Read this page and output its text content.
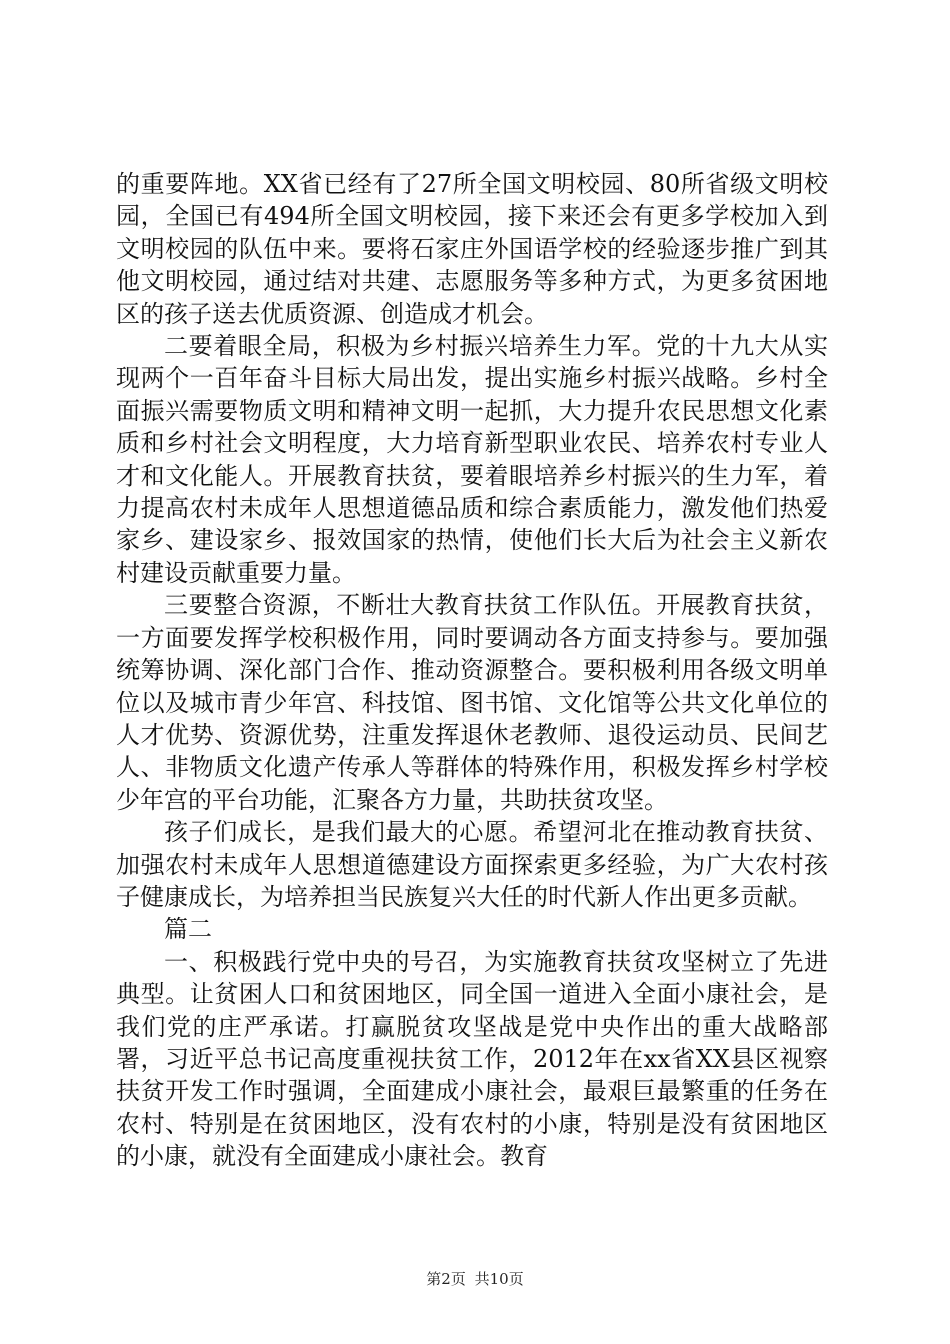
的重要阵地。XX省已经有了27所全国文明校园、80所省级文明校园，全国已有494所全国文明校园，接下来还会有更多学校加入到文明校园的队伍中来。要将石家庄外国语学校的经验逐步推广到其他文明校园，通过结对共建、志愿服务等多种方式，为更多贫困地区的孩子送去优质资源、创造成才机会。

二要着眼全局，积极为乡村振兴培养生力军。党的十九大从实现两个一百年奋斗目标大局出发，提出实施乡村振兴战略。乡村全面振兴需要物质文明和精神文明一起抓，大力提升农民思想文化素质和乡村社会文明程度，大力培育新型职业农民、培养农村专业人才和文化能人。开展教育扶贫，要着眼培养乡村振兴的生力军，着力提高农村未成年人思想道德品质和综合素质能力，激发他们热爱家乡、建设家乡、报效国家的热情，使他们长大后为社会主义新农村建设贡献重要力量。

三要整合资源，不断壮大教育扶贫工作队伍。开展教育扶贫，一方面要发挥学校积极作用，同时要调动各方面支持参与。要加强统筹协调、深化部门合作、推动资源整合。要积极利用各级文明单位以及城市青少年宫、科技馆、图书馆、文化馆等公共文化单位的人才优势、资源优势，注重发挥退休老教师、退役运动员、民间艺人、非物质文化遗产传承人等群体的特殊作用，积极发挥乡村学校少年宫的平台功能，汇聚各方力量，共助扶贫攻坚。

孩子们成长，是我们最大的心愿。希望河北在推动教育扶贫、加强农村未成年人思想道德建设方面探索更多经验，为广大农村孩子健康成长，为培养担当民族复兴大任的时代新人作出更多贡献。

篇二

一、积极践行党中央的号召，为实施教育扶贫攻坚树立了先进典型。让贫困人口和贫困地区，同全国一道进入全面小康社会，是我们党的庄严承诺。打赢脱贫攻坚战是党中央作出的重大战略部署，习近平总书记高度重视扶贫工作，2012年在xx省XX县区视察扶贫开发工作时强调，全面建成小康社会，最艰巨最繁重的任务在农村、特别是在贫困地区，没有农村的小康，特别是没有贫困地区的小康，就没有全面建成小康社会。教育

第2页 共10页
